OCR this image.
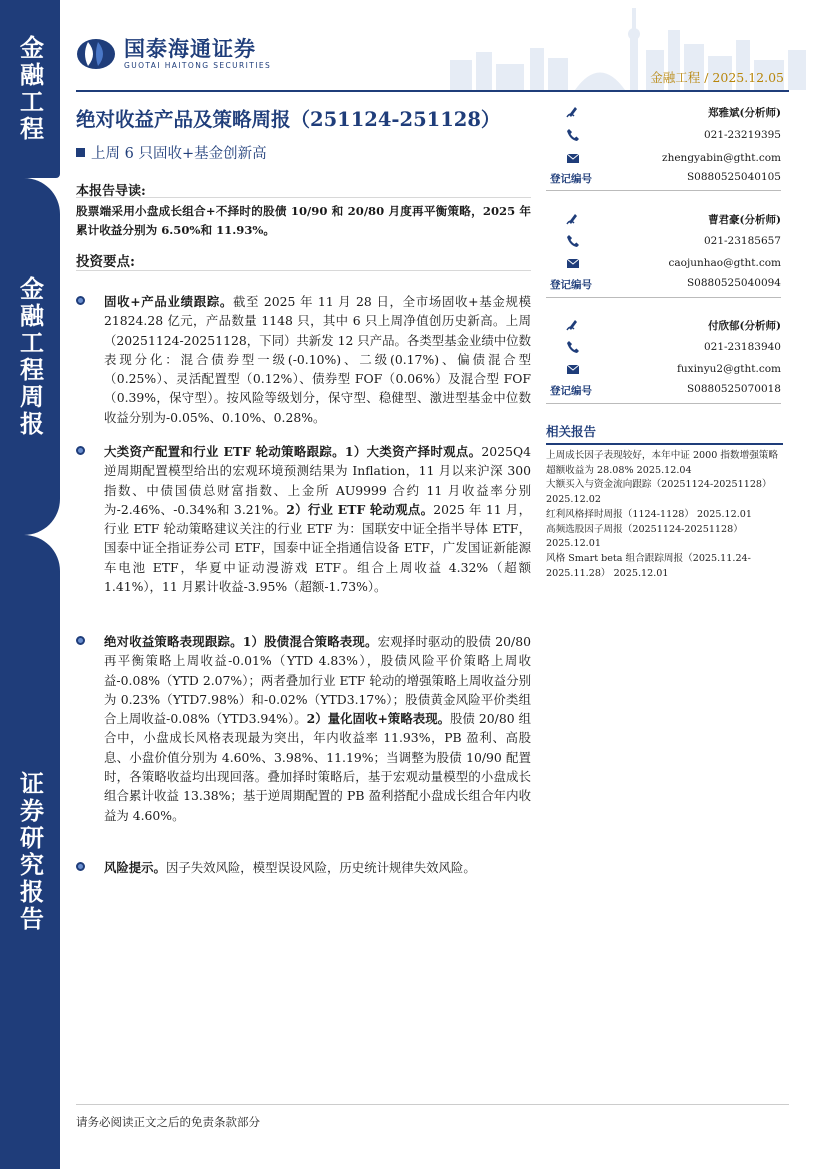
金融工程
金融工程周报
证券研究报告
国泰海通证券
GUOTAI HAITONG SECURITIES
金融工程 / 2025.12.05
绝对收益产品及策略周报（251124-251128）
上周 6 只固收+基金创新高
本报告导读:
股票端采用小盘成长组合+不择时的股债 10/90 和 20/80 月度再平衡策略，2025 年累计收益分别为 6.50%和 11.93%。
投资要点:
固收+产品业绩跟踪。截至 2025 年 11 月 28 日，全市场固收+基金规模 21824.28 亿元，产品数量 1148 只，其中 6 只上周净值创历史新高。上周（20251124-20251128，下同）共新发 12 只产品。各类型基金业绩中位数表现分化：混合债券型一级(-0.10%)、二级(0.17%)、偏债混合型（0.25%）、灵活配置型（0.12%）、债券型 FOF（0.06%）及混合型 FOF（0.39%，保守型）。按风险等级划分，保守型、稳健型、激进型基金中位数收益分别为-0.05%、0.10%、0.28%。
大类资产配置和行业 ETF 轮动策略跟踪。1）大类资产择时观点。2025Q4 逆周期配置模型给出的宏观环境预测结果为 Inflation，11 月以来沪深 300 指数、中债国债总财富指数、上金所 AU9999 合约 11 月收益率分别为-2.46%、-0.34%和 3.21%。2）行业 ETF 轮动观点。2025 年 11 月，行业 ETF 轮动策略建议关注的行业 ETF 为：国联安中证全指半导体 ETF，国泰中证全指证券公司 ETF，国泰中证全指通信设备 ETF，广发国证新能源车电池 ETF，华夏中证动漫游戏 ETF。组合上周收益 4.32%（超额 1.41%），11 月累计收益-3.95%（超额-1.73%）。
绝对收益策略表现跟踪。1）股债混合策略表现。宏观择时驱动的股债 20/80 再平衡策略上周收益-0.01%（YTD 4.83%），股债风险平价策略上周收益-0.08%（YTD 2.07%）；两者叠加行业 ETF 轮动的增强策略上周收益分别为 0.23%（YTD7.98%）和-0.02%（YTD3.17%）；股债黄金风险平价类组合上周收益-0.08%（YTD3.94%）。2）量化固收+策略表现。股债 20/80 组合中，小盘成长风格表现最为突出，年内收益率 11.93%，PB 盈利、高股息、小盘价值分别为 4.60%、3.98%、11.19%；当调整为股债 10/90 配置时，各策略收益均出现回落。叠加择时策略后，基于宏观动量模型的小盘成长组合累计收益 13.38%；基于逆周期配置的 PB 盈利搭配小盘成长组合年内收益为 4.60%。
风险提示。因子失效风险，模型误设风险，历史统计规律失效风险。
郑雅斌(分析师)
021-23219395
zhengyabin@gtht.com
登记编号	S0880525040105
曹君豪(分析师)
021-23185657
caojunhao@gtht.com
登记编号	S0880525040094
付欣郁(分析师)
021-23183940
fuxinyu2@gtht.com
登记编号	S0880525070018
相关报告
上周成长因子表现较好，本年中证 2000 指数增强策略超额收益为 28.08% 2025.12.04
大额买入与资金流向跟踪（20251124-20251128）2025.12.02
红利风格择时周报（1124-1128） 2025.12.01
高频选股因子周报（20251124-20251128） 2025.12.01
风格 Smart beta 组合跟踪周报（2025.11.24-2025.11.28） 2025.12.01
请务必阅读正文之后的免责条款部分
